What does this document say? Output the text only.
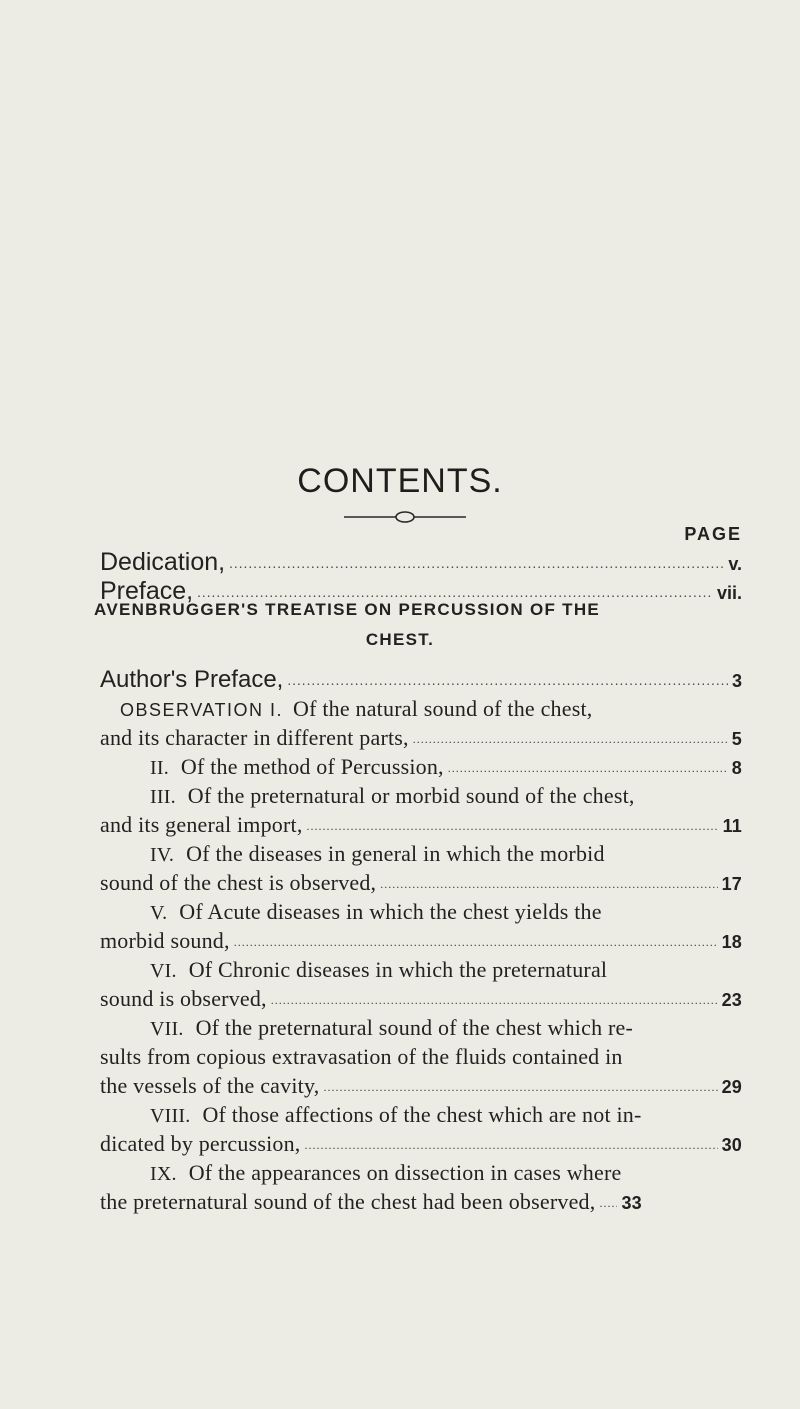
CONTENTS.
PAGE
Dedication, .....	v.
Preface, .....	vii.
AVENBRUGGER'S TREATISE ON PERCUSSION OF THE
CHEST.
Author's Preface, .....	3
OBSERVATION I. Of the natural sound of the chest,
and its character in different parts, .....	5
II. Of the method of Percussion, .....	8
III. Of the preternatural or morbid sound of the chest,
and its general import, .....	11
IV. Of the diseases in general in which the morbid
sound of the chest is observed, .....	17
V. Of Acute diseases in which the chest yields the
morbid sound, .....	18
VI. Of Chronic diseases in which the preternatural
sound is observed, .....	23
VII. Of the preternatural sound of the chest which re-
sults from copious extravasation of the fluids contained in
the vessels of the cavity, .....	29
VIII. Of those affections of the chest which are not in-
dicated by percussion, .....	30
IX. Of the appearances on dissection in cases where
the preternatural sound of the chest had been observed, ..... 33
